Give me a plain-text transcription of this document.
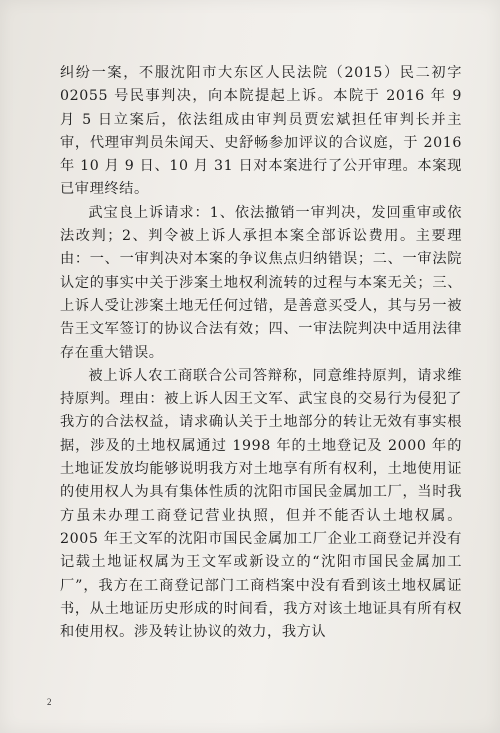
纠纷一案，不服沈阳市大东区人民法院（2015）民二初字 02055 号民事判决，向本院提起上诉。本院于 2016 年 9 月 5 日立案后，依法组成由审判员贾宏斌担任审判长并主审，代理审判员朱闻天、史舒畅参加评议的合议庭，于 2016 年 10 月 9 日、10 月 31 日对本案进行了公开审理。本案现已审理终结。

武宝良上诉请求：1、依法撤销一审判决，发回重审或依法改判；2、判令被上诉人承担本案全部诉讼费用。主要理由：一、一审判决对本案的争议焦点归纳错误；二、一审法院认定的事实中关于涉案土地权利流转的过程与本案无关；三、上诉人受让涉案土地无任何过错，是善意买受人，其与另一被告王文军签订的协议合法有效；四、一审法院判决中适用法律存在重大错误。

被上诉人农工商联合公司答辩称，同意维持原判，请求维持原判。理由：被上诉人因王文军、武宝良的交易行为侵犯了我方的合法权益，请求确认关于土地部分的转让无效有事实根据，涉及的土地权属通过 1998 年的土地登记及 2000 年的土地证发放均能够说明我方对土地享有所有权利，土地使用证的使用权人为具有集体性质的沈阳市国民金属加工厂，当时我方虽未办理工商登记营业执照，但并不能否认土地权属。2005 年王文军的沈阳市国民金属加工厂企业工商登记并没有记载土地证权属为王文军或新设立的“沈阳市国民金属加工厂”，我方在工商登记部门工商档案中没有看到该土地权属证书，从土地证历史形成的时间看，我方对该土地证具有所有权和使用权。涉及转让协议的效力，我方认

2
